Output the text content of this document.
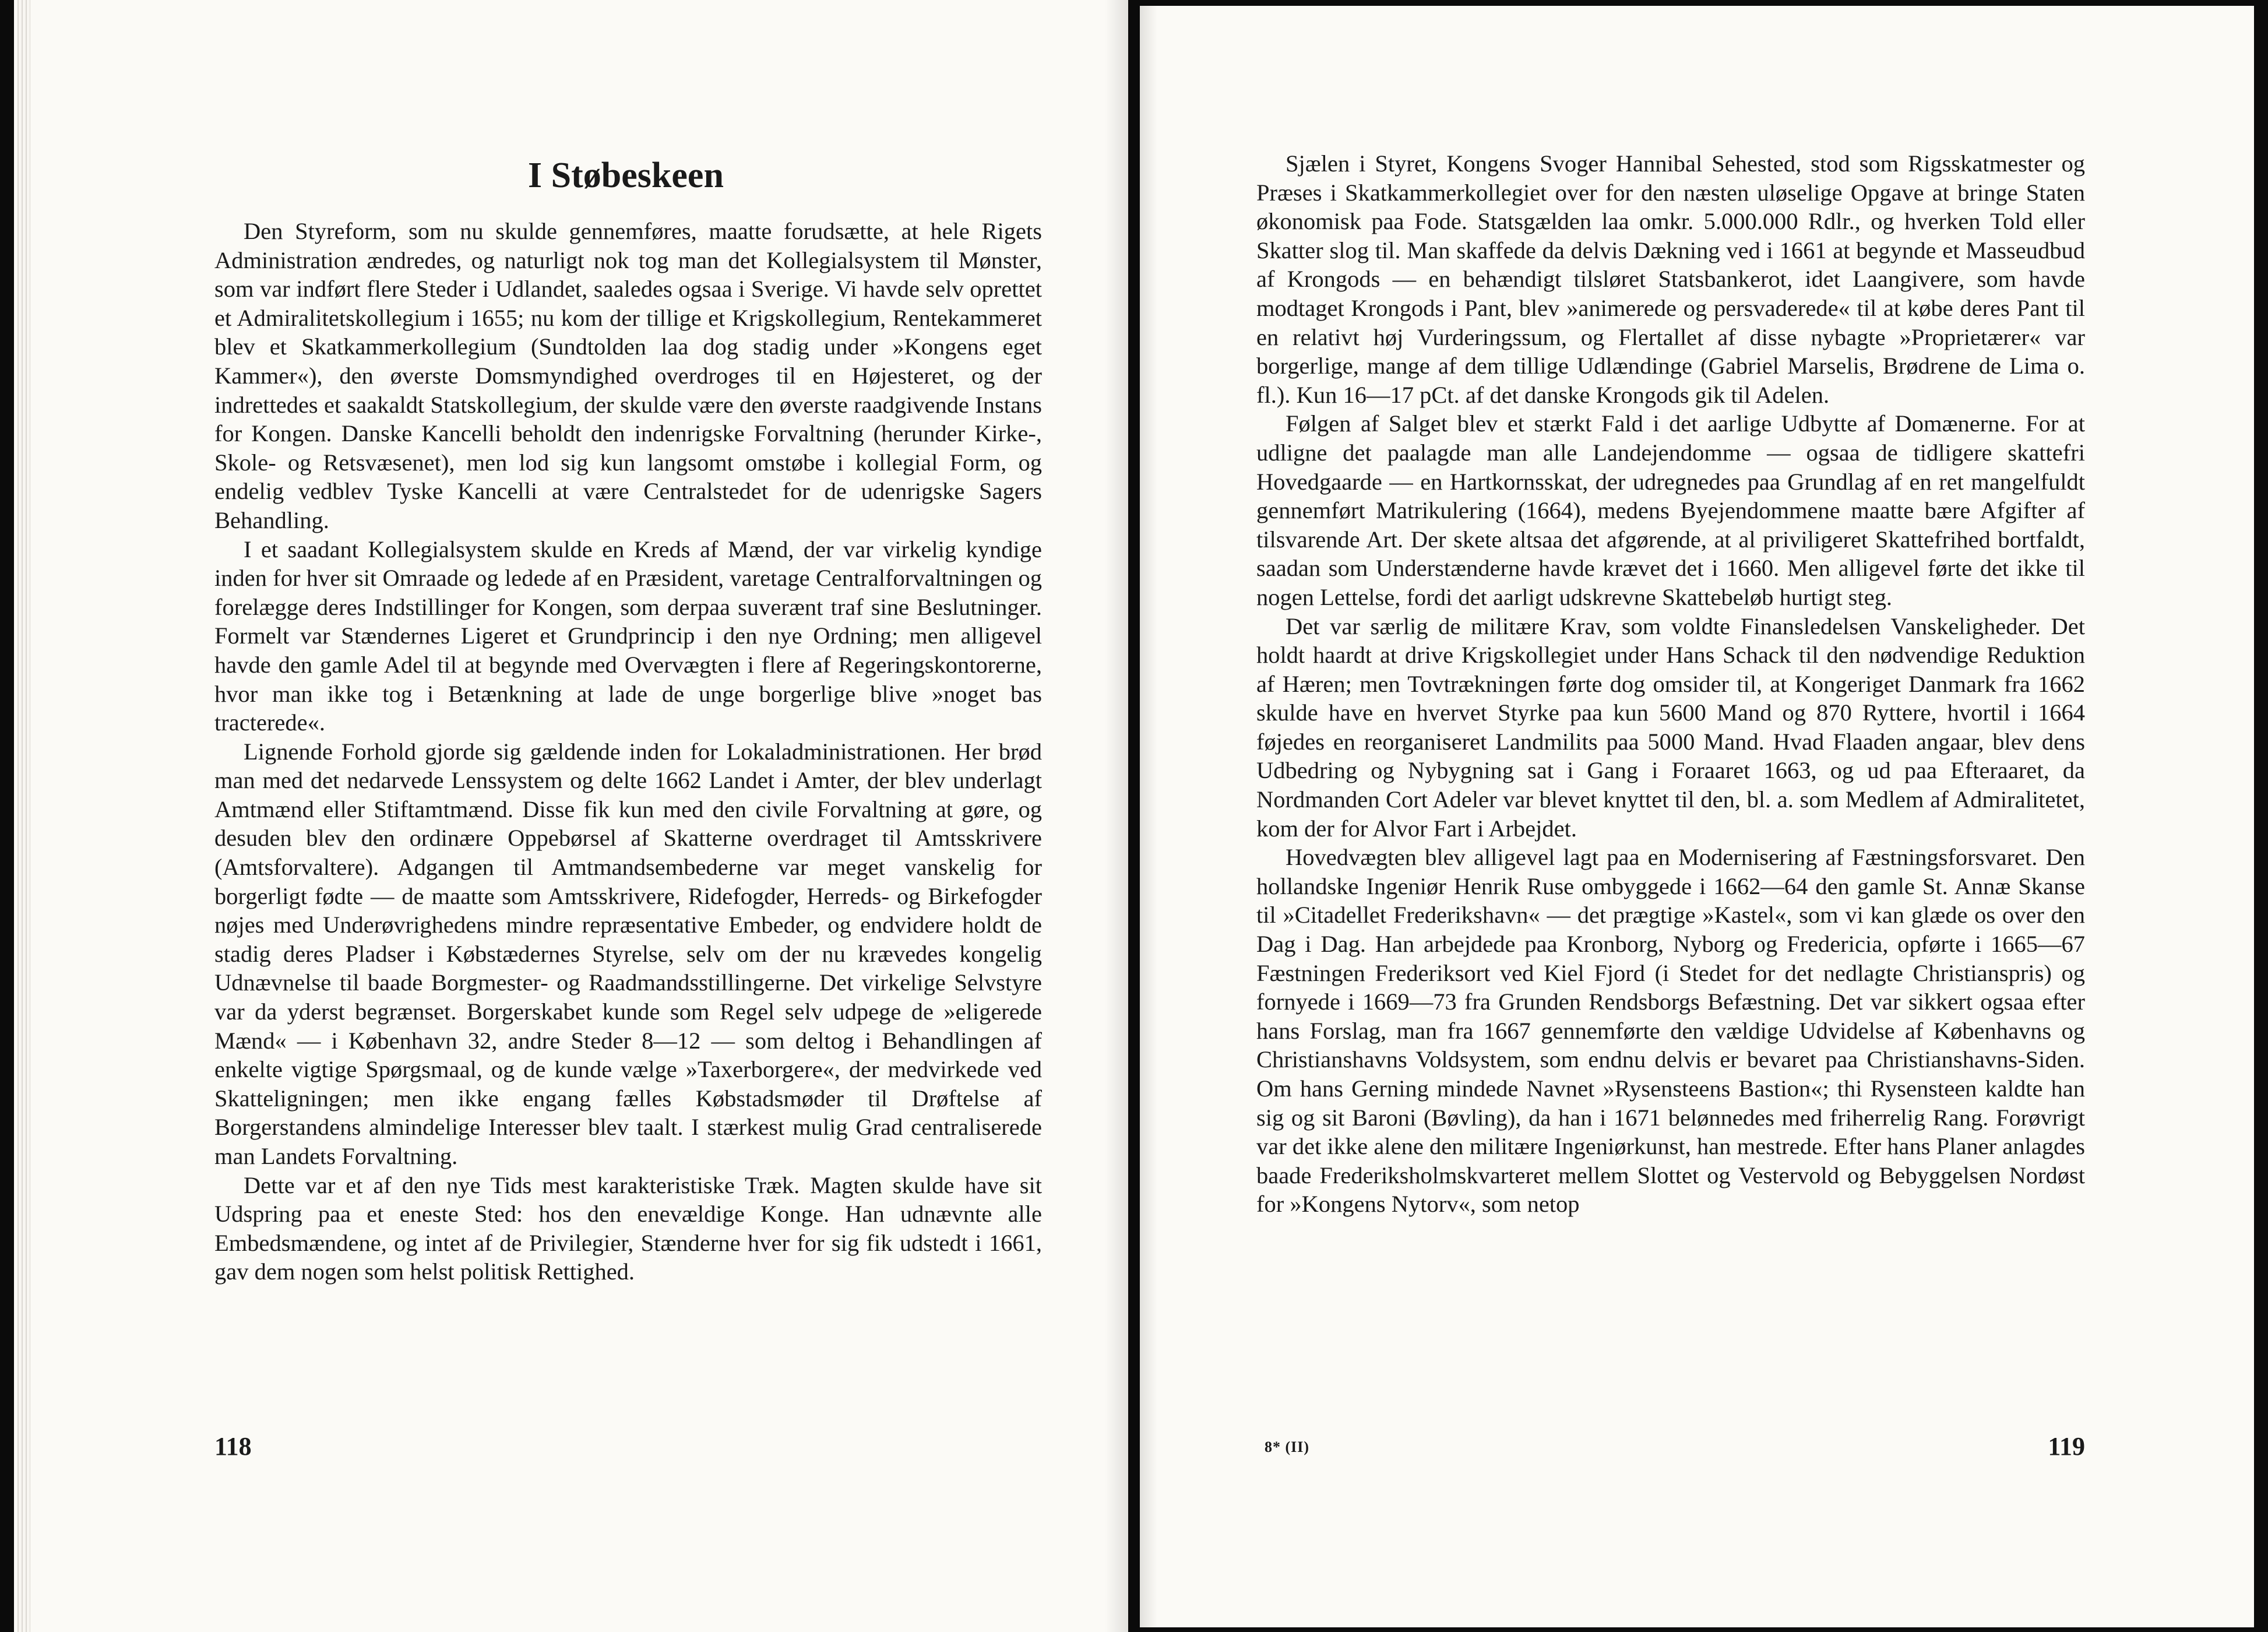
I Støbeskeen

Den Styreform, som nu skulde gennemføres, maatte forudsætte, at hele Rigets Administration ændredes, og naturligt nok tog man det Kollegialsystem til Mønster, som var indført flere Steder i Udlandet, saaledes ogsaa i Sverige. Vi havde selv oprettet et Admiralitetskollegium i 1655; nu kom der tillige et Krigskollegium, Rentekammeret blev et Skatkammerkollegium (Sundtolden laa dog stadig under »Kongens eget Kammer«), den øverste Domsmyndighed overdroges til en Højesteret, og der indrettedes et saakaldt Statskollegium, der skulde være den øverste raadgivende Instans for Kongen. Danske Kancelli beholdt den indenrigske Forvaltning (herunder Kirke-, Skole- og Retsvæsenet), men lod sig kun langsomt omstøbe i kollegial Form, og endelig vedblev Tyske Kancelli at være Centralstedet for de udenrigske Sagers Behandling.

I et saadant Kollegialsystem skulde en Kreds af Mænd, der var virkelig kyndige inden for hver sit Omraade og ledede af en Præsident, varetage Centralforvaltningen og forelægge deres Indstillinger for Kongen, som derpaa suverænt traf sine Beslutninger. Formelt var Stændernes Ligeret et Grundprincip i den nye Ordning; men alligevel havde den gamle Adel til at begynde med Overvægten i flere af Regeringskontorerne, hvor man ikke tog i Betænkning at lade de unge borgerlige blive »noget bas tracterede«.

Lignende Forhold gjorde sig gældende inden for Lokaladministrationen. Her brød man med det nedarvede Lenssystem og delte 1662 Landet i Amter, der blev underlagt Amtmænd eller Stiftamtmænd. Disse fik kun med den civile Forvaltning at gøre, og desuden blev den ordinære Oppebørsel af Skatterne overdraget til Amtsskrivere (Amtsforvaltere). Adgangen til Amtmandsembederne var meget vanskelig for borgerligt fødte — de maatte som Amtsskrivere, Ridefogder, Herreds- og Birkefogder nøjes med Underøvrighedens mindre repræsentative Embeder, og endvidere holdt de stadig deres Pladser i Købstædernes Styrelse, selv om der nu krævedes kongelig Udnævnelse til baade Borgmester- og Raadmandsstillingerne. Det virkelige Selvstyre var da yderst begrænset. Borgerskabet kunde som Regel selv udpege de »eligerede Mænd« — i København 32, andre Steder 8—12 — som deltog i Behandlingen af enkelte vigtige Spørgsmaal, og de kunde vælge »Taxerborgere«, der medvirkede ved Skatteligningen; men ikke engang fælles Købstadsmøder til Drøftelse af Borgerstandens almindelige Interesser blev taalt. I stærkest mulig Grad centraliserede man Landets Forvaltning.

Dette var et af den nye Tids mest karakteristiske Træk. Magten skulde have sit Udspring paa et eneste Sted: hos den enevældige Konge. Han udnævnte alle Embedsmændene, og intet af de Privilegier, Stænderne hver for sig fik udstedt i 1661, gav dem nogen som helst politisk Rettighed.

118

Sjælen i Styret, Kongens Svoger Hannibal Sehested, stod som Rigsskatmester og Præses i Skatkammerkollegiet over for den næsten uløselige Opgave at bringe Staten økonomisk paa Fode. Statsgælden laa omkr. 5.000.000 Rdlr., og hverken Told eller Skatter slog til. Man skaffede da delvis Dækning ved i 1661 at begynde et Masseudbud af Krongods — en behændigt tilsløret Statsbankerot, idet Laangivere, som havde modtaget Krongods i Pant, blev »animerede og persvaderede« til at købe deres Pant til en relativt høj Vurderingssum, og Flertallet af disse nybagte »Proprietærer« var borgerlige, mange af dem tillige Udlændinge (Gabriel Marselis, Brødrene de Lima o. fl.). Kun 16—17 pCt. af det danske Krongods gik til Adelen.

Følgen af Salget blev et stærkt Fald i det aarlige Udbytte af Domænerne. For at udligne det paalagde man alle Landejendomme — ogsaa de tidligere skattefri Hovedgaarde — en Hartkornsskat, der udregnedes paa Grundlag af en ret mangelfuldt gennemført Matrikulering (1664), medens Byejendommene maatte bære Afgifter af tilsvarende Art. Der skete altsaa det afgørende, at al priviligeret Skattefrihed bortfaldt, saadan som Understænderne havde krævet det i 1660. Men alligevel førte det ikke til nogen Lettelse, fordi det aarligt udskrevne Skattebeløb hurtigt steg.

Det var særlig de militære Krav, som voldte Finansledelsen Vanskeligheder. Det holdt haardt at drive Krigskollegiet under Hans Schack til den nødvendige Reduktion af Hæren; men Tovtrækningen førte dog omsider til, at Kongeriget Danmark fra 1662 skulde have en hvervet Styrke paa kun 5600 Mand og 870 Ryttere, hvortil i 1664 føjedes en reorganiseret Landmilits paa 5000 Mand. Hvad Flaaden angaar, blev dens Udbedring og Nybygning sat i Gang i Foraaret 1663, og ud paa Efteraaret, da Nordmanden Cort Adeler var blevet knyttet til den, bl. a. som Medlem af Admiralitetet, kom der for Alvor Fart i Arbejdet.

Hovedvægten blev alligevel lagt paa en Modernisering af Fæstningsforsvaret. Den hollandske Ingeniør Henrik Ruse ombyggede i 1662—64 den gamle St. Annæ Skanse til »Citadellet Frederikshavn« — det prægtige »Kastel«, som vi kan glæde os over den Dag i Dag. Han arbejdede paa Kronborg, Nyborg og Fredericia, opførte i 1665—67 Fæstningen Frederiksort ved Kiel Fjord (i Stedet for det nedlagte Christianspris) og fornyede i 1669—73 fra Grunden Rendsborgs Befæstning. Det var sikkert ogsaa efter hans Forslag, man fra 1667 gennemførte den vældige Udvidelse af Københavns og Christianshavns Voldsystem, som endnu delvis er bevaret paa Christianshavns-Siden. Om hans Gerning mindede Navnet »Rysensteens Bastion«; thi Rysensteen kaldte han sig og sit Baroni (Bøvling), da han i 1671 belønnedes med friherrelig Rang. Forøvrigt var det ikke alene den militære Ingeniørkunst, han mestrede. Efter hans Planer anlagdes baade Frederiksholmskvarteret mellem Slottet og Vestervold og Bebyggelsen Nordøst for »Kongens Nytorv«, som netop

8* (II)	119
